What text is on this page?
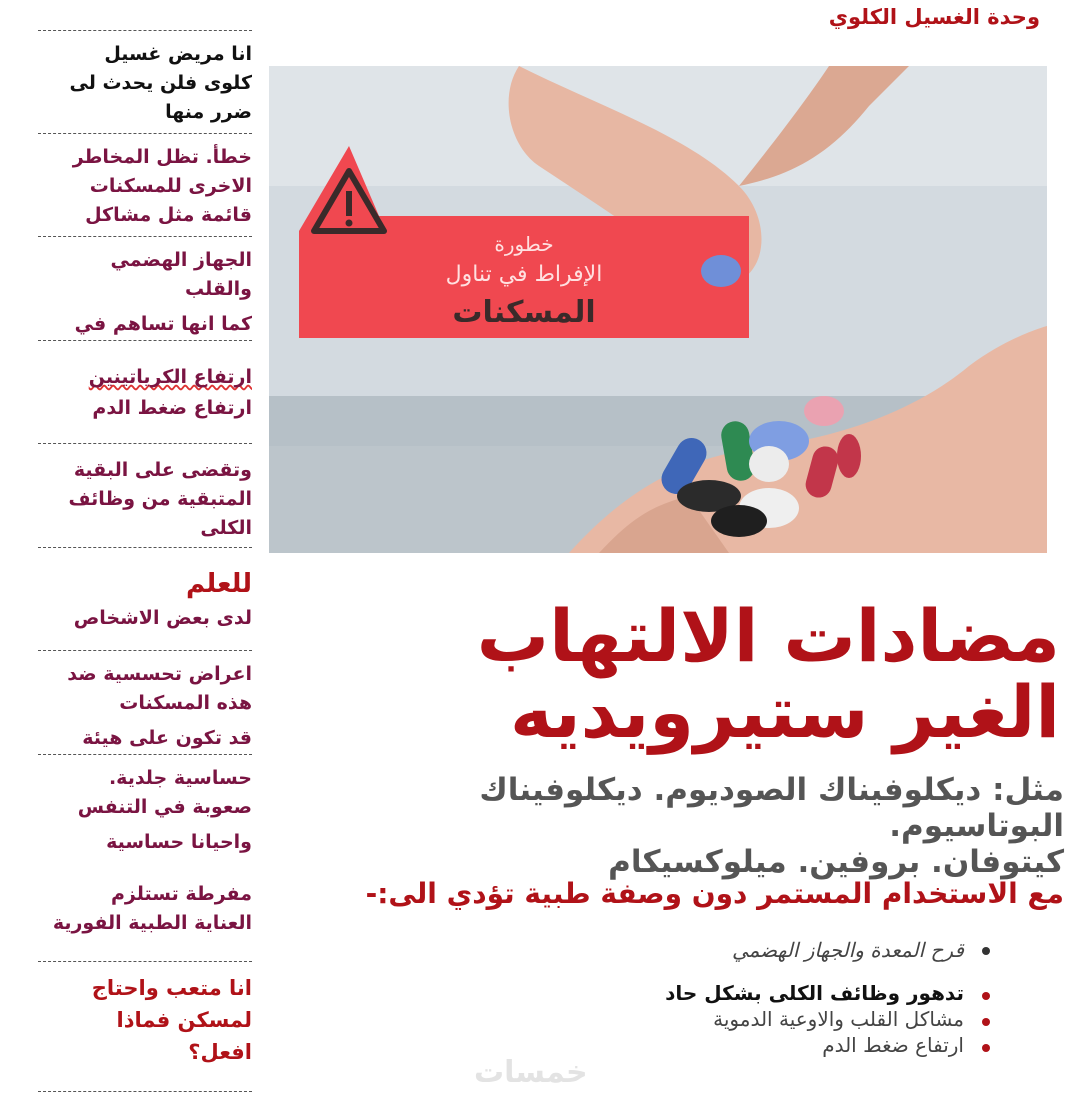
وحدة الغسيل الكلوي
انا مريض غسيل
كلوى فلن يحدث لى
ضرر منها
خطأ. تظل المخاطر
الاخرى للمسكنات
قائمة مثل مشاكل
الجهاز الهضمي
والقلب
كما انها تساهم في
ارتفاع الكرياتينين
ارتفاع ضغط الدم
وتقضى على البقية
المتبقية من وظائف
الكلى
للعلم
لدى بعض الاشخاص
اعراض تحسسية ضد
هذه المسكنات
قد تكون على هيئة
حساسية جلدية.
صعوبة في التنفس
واحيانا حساسية
مفرطة تستلزم
العناية الطبية الفورية
انا متعب واحتاج
لمسكن فماذا
افعل؟
خطورة
الإفراط في تناول
المسكنات
مضادات الالتهاب
الغير ستيرويديه
مثل: ديكلوفيناك الصوديوم. ديكلوفيناك البوتاسيوم.
كيتوفان. بروفين. ميلوكسيكام
مع الاستخدام المستمر دون وصفة طبية تؤدي الى:-
قرح المعدة والجهاز الهضمي
تدهور وظائف الكلى بشكل حاد
مشاكل القلب والاوعية الدموية
ارتفاع ضغط الدم
خمسات
